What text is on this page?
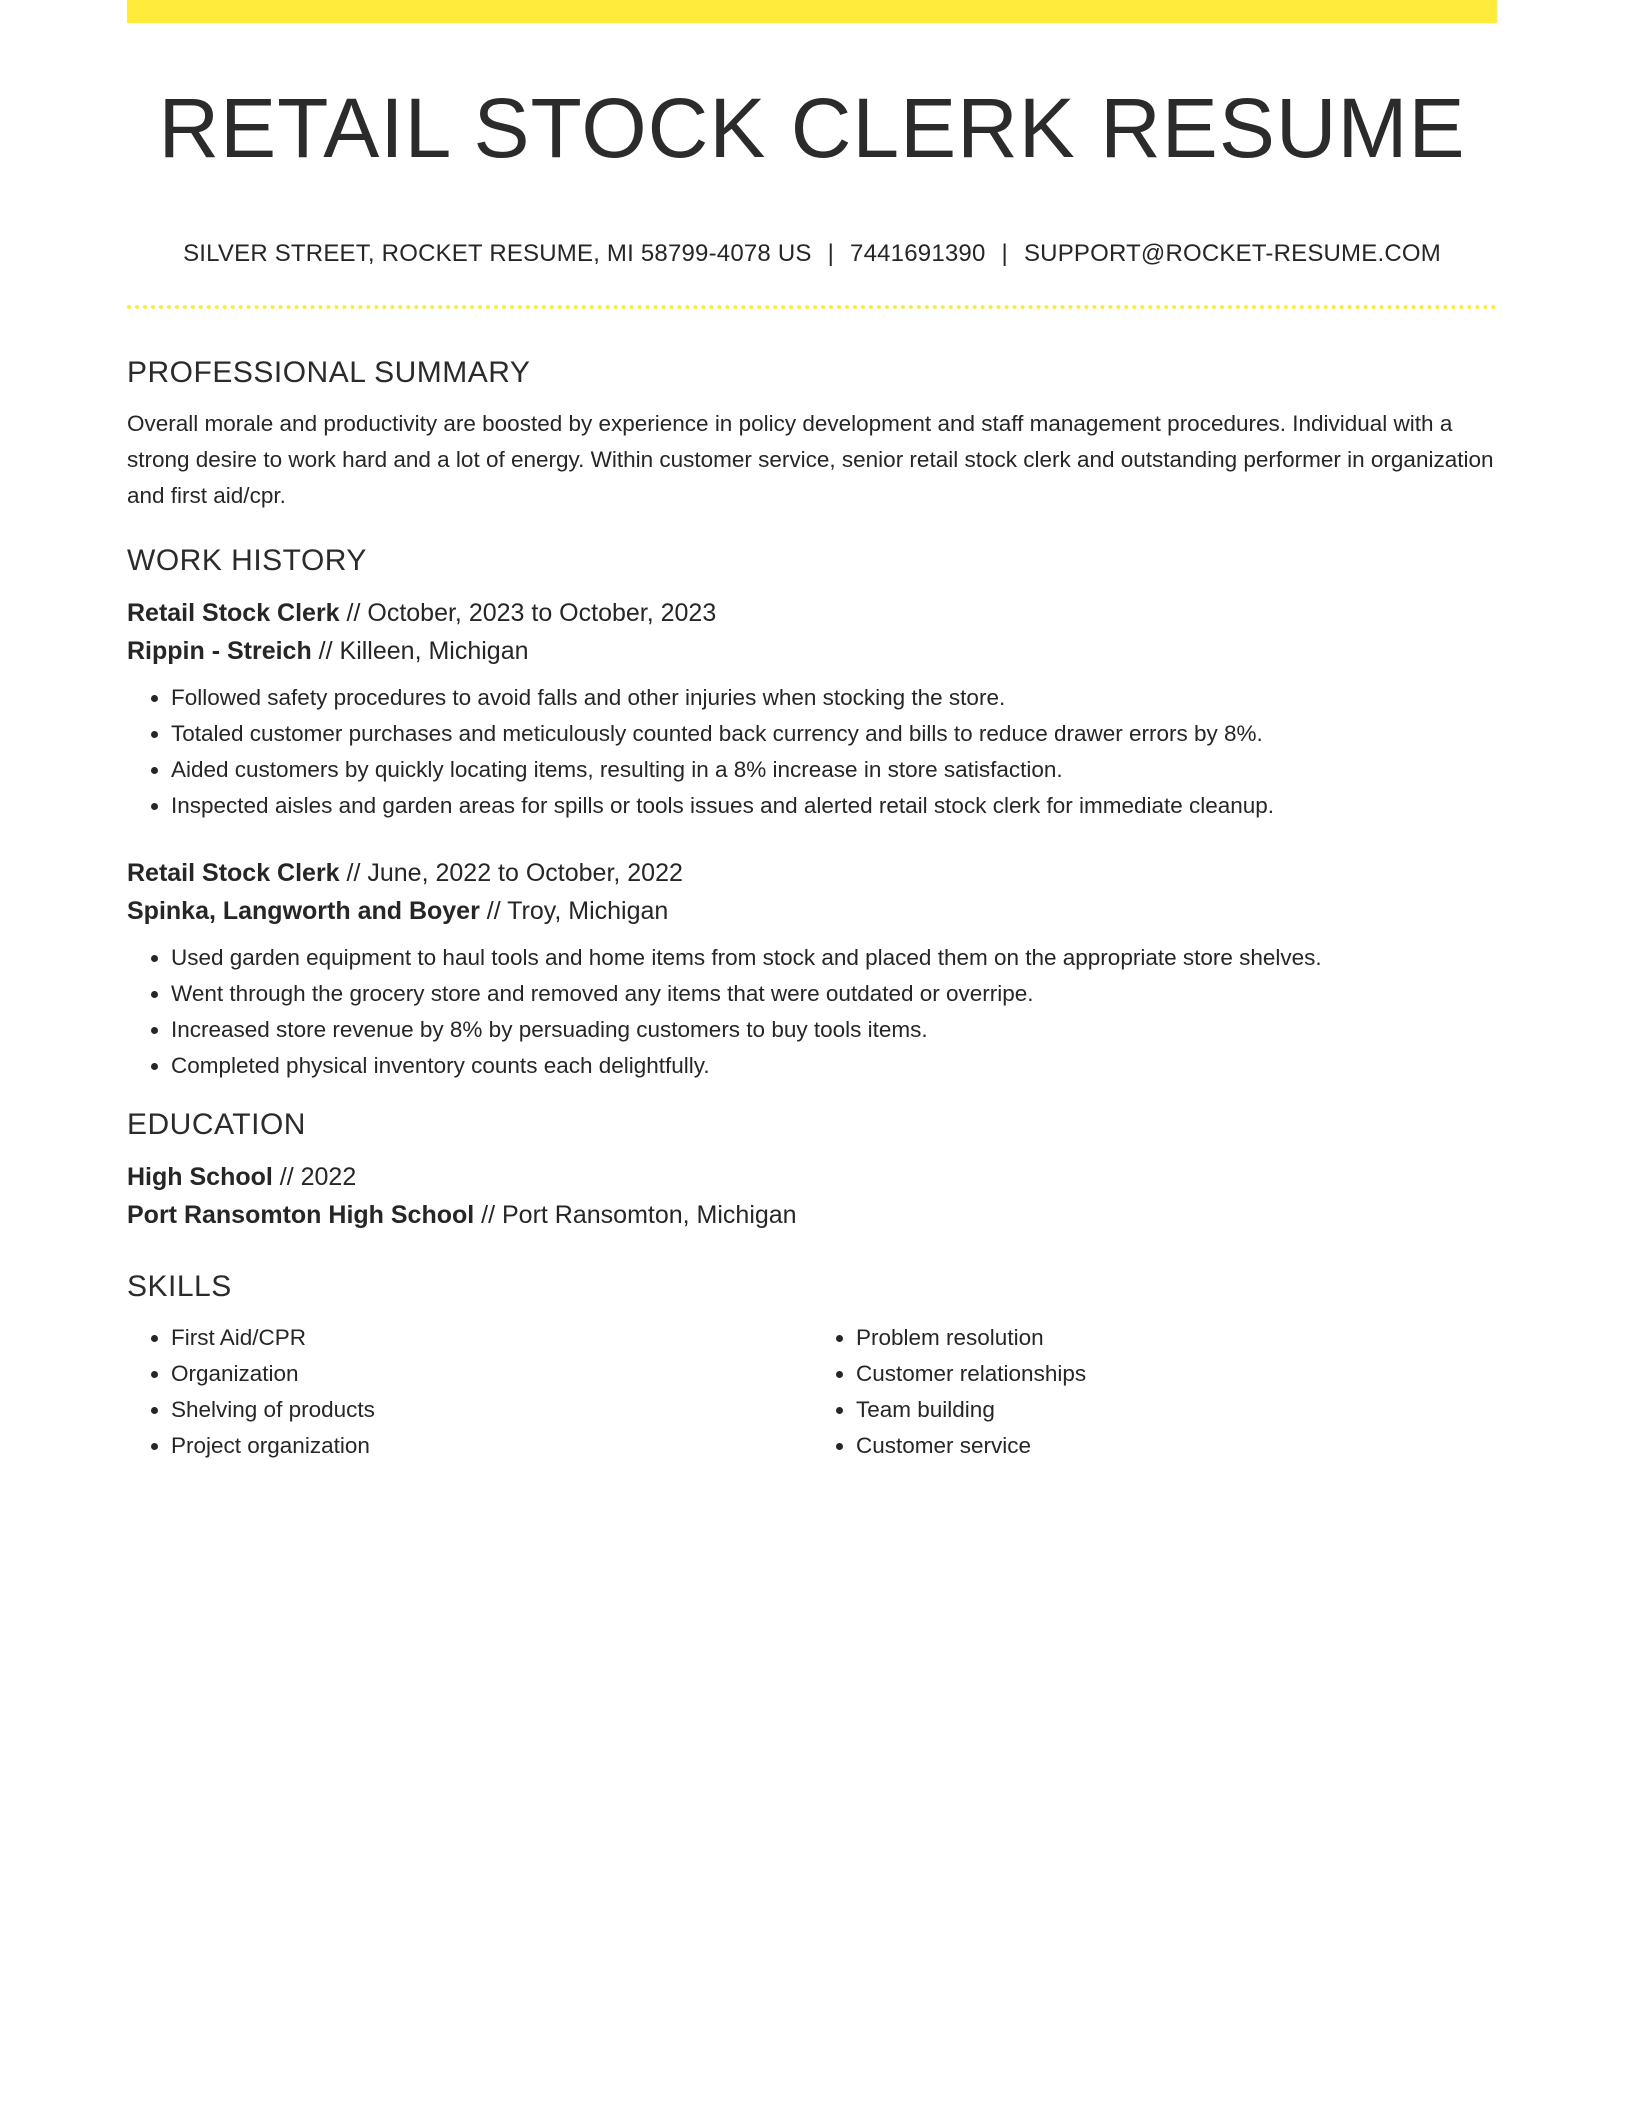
RETAIL STOCK CLERK RESUME
SILVER STREET, ROCKET RESUME, MI 58799-4078 US | 7441691390 | SUPPORT@ROCKET-RESUME.COM
PROFESSIONAL SUMMARY

Overall morale and productivity are boosted by experience in policy development and staff management procedures. Individual with a strong desire to work hard and a lot of energy. Within customer service, senior retail stock clerk and outstanding performer in organization and first aid/cpr.

WORK HISTORY
Retail Stock Clerk // October, 2023 to October, 2023
Rippin - Streich // Killeen, Michigan
• Followed safety procedures to avoid falls and other injuries when stocking the store.
• Totaled customer purchases and meticulously counted back currency and bills to reduce drawer errors by 8%.
• Aided customers by quickly locating items, resulting in a 8% increase in store satisfaction.
• Inspected aisles and garden areas for spills or tools issues and alerted retail stock clerk for immediate cleanup.
Retail Stock Clerk // June, 2022 to October, 2022
Spinka, Langworth and Boyer // Troy, Michigan
• Used garden equipment to haul tools and home items from stock and placed them on the appropriate store shelves.
• Went through the grocery store and removed any items that were outdated or overripe.
• Increased store revenue by 8% by persuading customers to buy tools items.
• Completed physical inventory counts each delightfully.
EDUCATION
High School // 2022
Port Ransomton High School // Port Ransomton, Michigan
SKILLS
• First Aid/CPR
• Organization
• Shelving of products
• Project organization
• Problem resolution
• Customer relationships
• Team building
• Customer service
